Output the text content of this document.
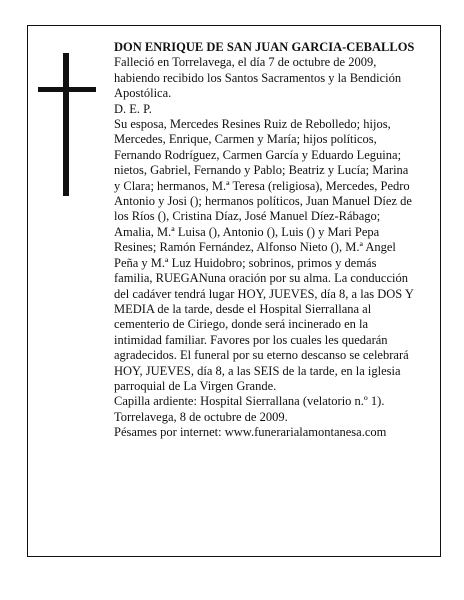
DON ENRIQUE DE SAN JUAN GARCIA-CEBALLOS

Falleció en Torrelavega, el día 7 de octubre de 2009, habiendo recibido los Santos Sacramentos y la Bendición Apostólica.

D. E. P.

Su esposa, Mercedes Resines Ruiz de Rebolledo; hijos, Mercedes, Enrique, Carmen y María; hijos políticos, Fernando Rodríguez, Carmen García y Eduardo Leguina; nietos, Gabriel, Fernando y Pablo; Beatriz y Lucía; Marina y Clara; hermanos, M.ª Teresa (religiosa), Mercedes, Pedro Antonio y Josi (); hermanos políticos, Juan Manuel Díez de los Ríos (), Cristina Díaz, José Manuel Díez-Rábago; Amalia, M.ª Luisa (), Antonio (), Luis () y Mari Pepa Resines; Ramón Fernández, Alfonso Nieto (), M.ª Angel Peña y M.ª Luz Huidobro; sobrinos, primos y demás familia, RUEGANuna oración por su alma. La conducción del cadáver tendrá lugar HOY, JUEVES, día 8, a las DOS Y MEDIA de la tarde, desde el Hospital Sierrallana al cementerio de Ciriego, donde será incinerado en la intimidad familiar. Favores por los cuales les quedarán agradecidos. El funeral por su eterno descanso se celebrará HOY, JUEVES, día 8, a las SEIS de la tarde, en la iglesia parroquial de La Virgen Grande.

Capilla ardiente: Hospital Sierrallana (velatorio n.º 1).

Torrelavega, 8 de octubre de 2009.

Pésames por internet: www.funerarialamontanesa.com
